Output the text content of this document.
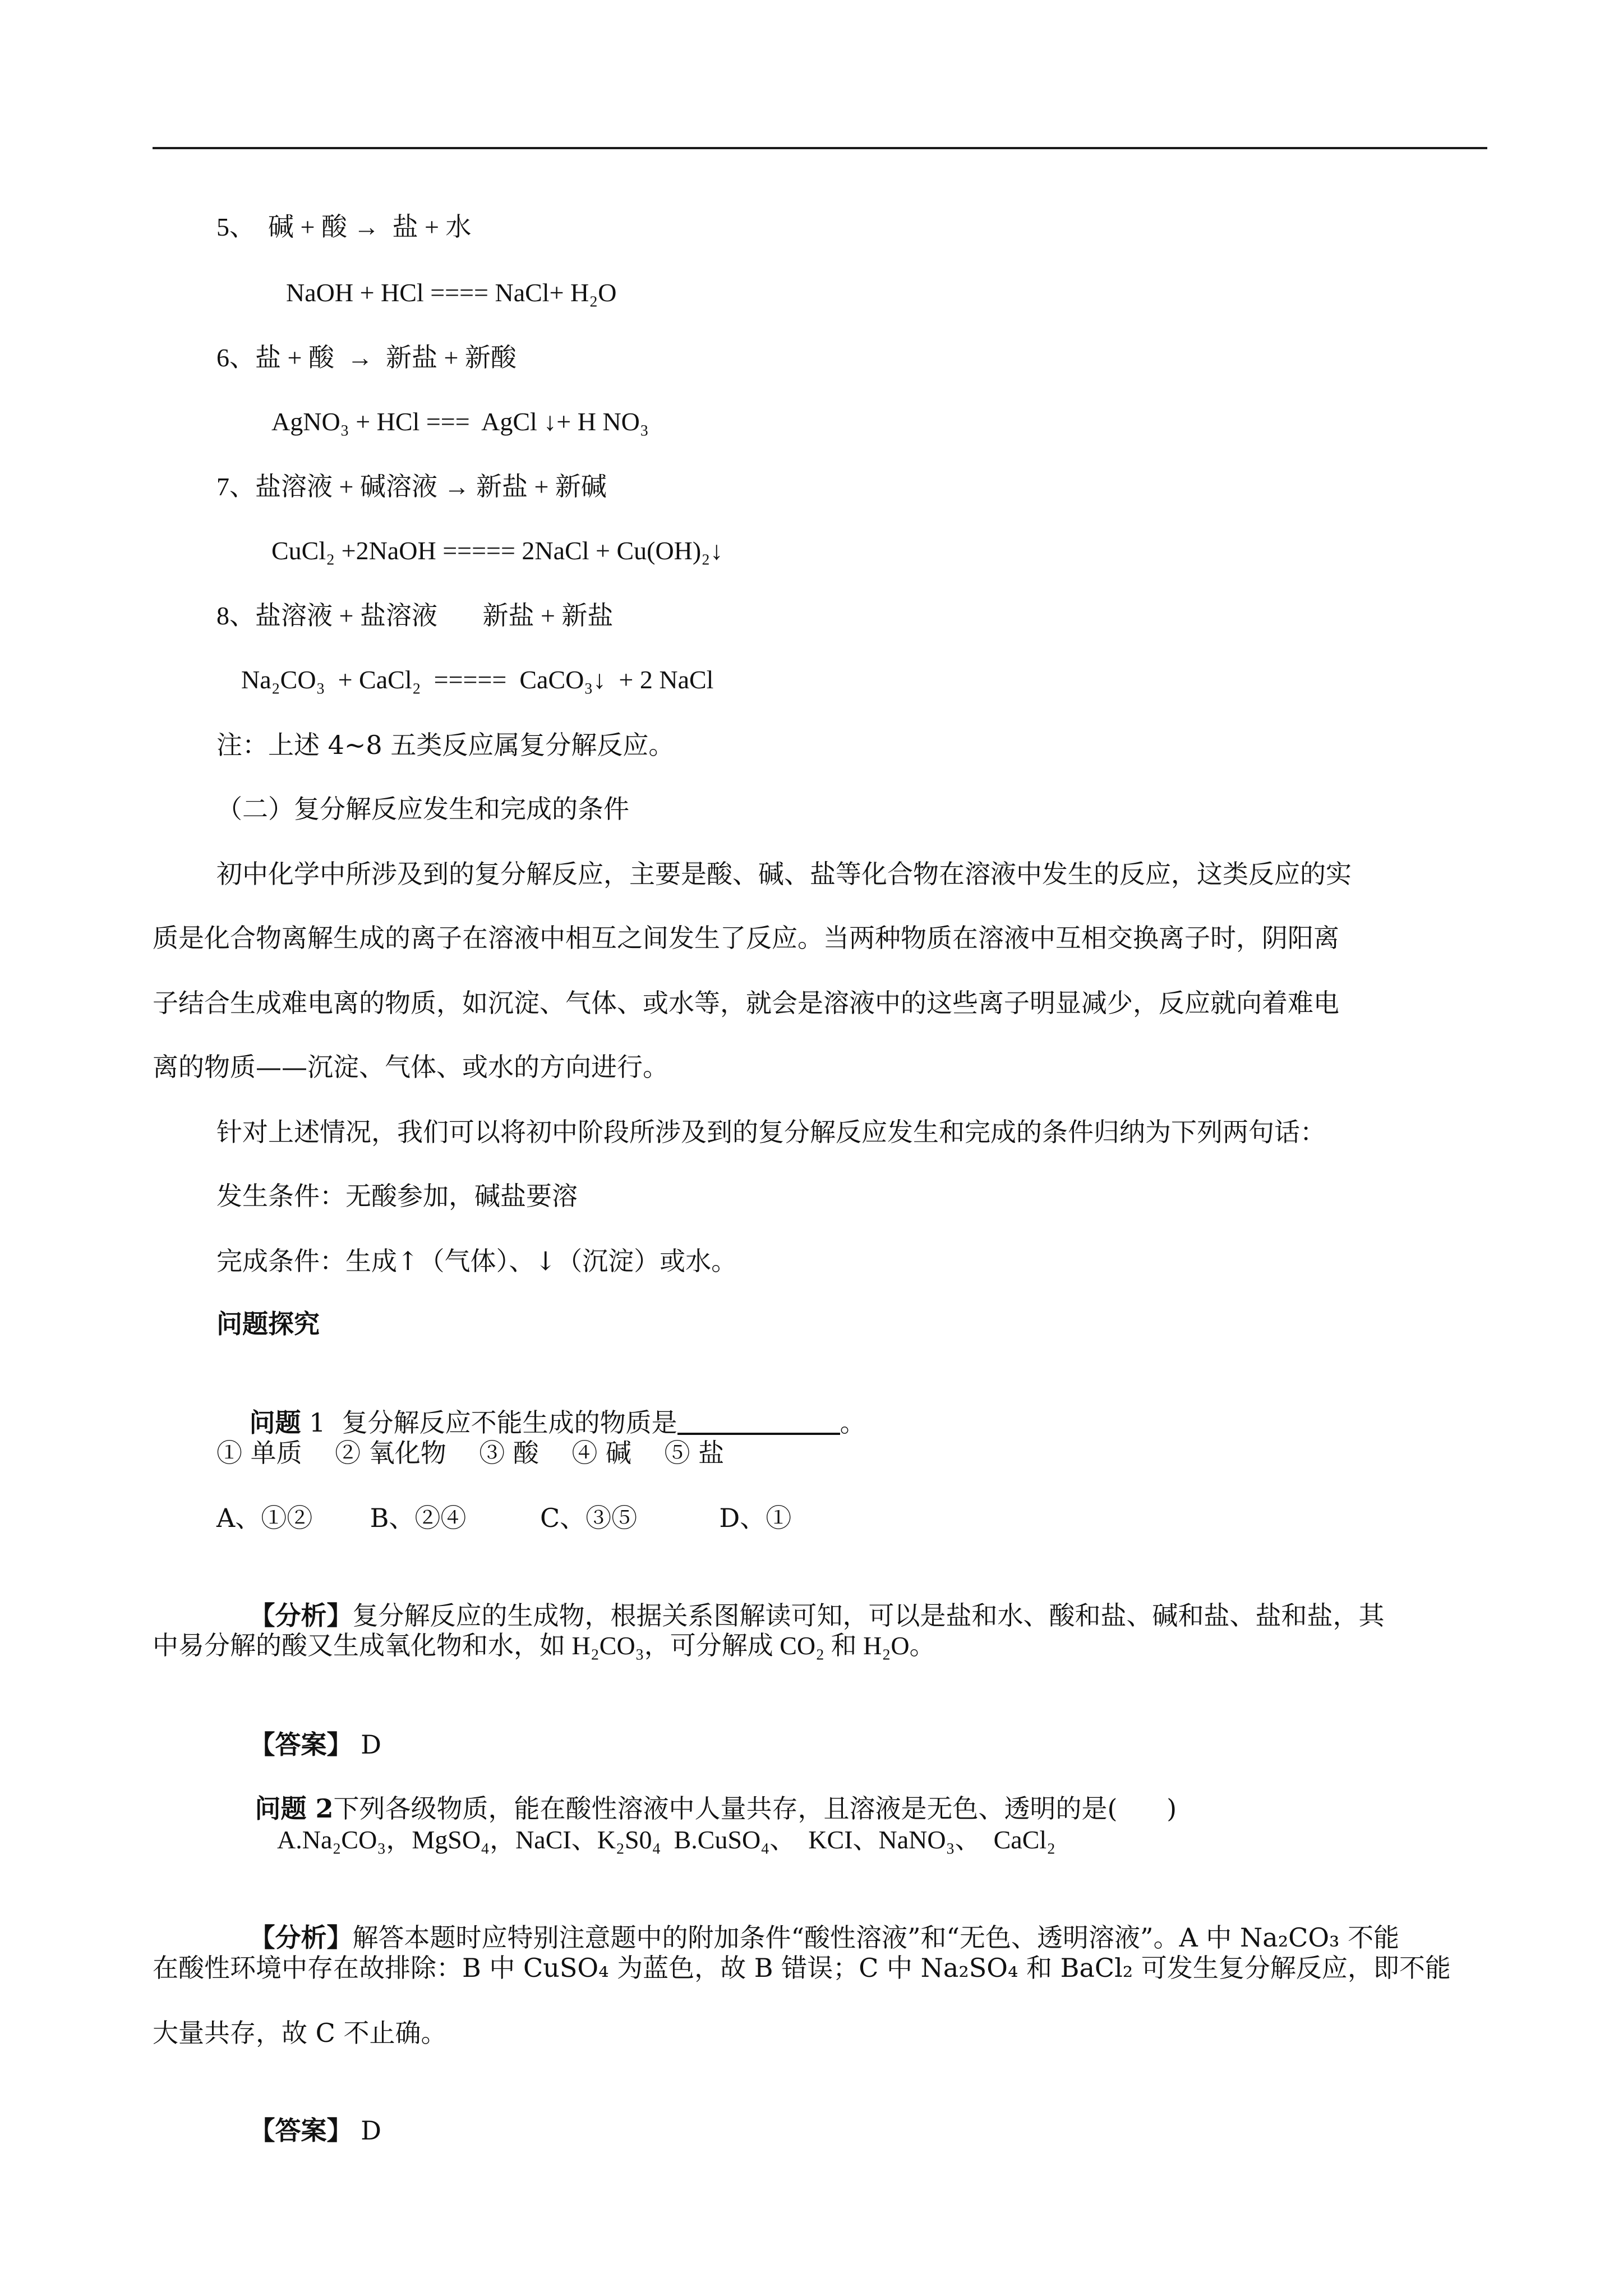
5、  碱 + 酸 →  盐 + 水
NaOH + HCl ==== NaCl+ H₂O
6、盐 + 酸  →  新盐 + 新酸
AgNO₃ + HCl ===  AgCl ↓+ H NO₃
7、盐溶液 + 碱溶液 → 新盐 + 新碱
CuCl₂ +2NaOH ===== 2NaCl + Cu(OH)₂↓
8、盐溶液 + 盐溶液       新盐 + 新盐
Na₂CO₃  + CaCl₂  =====  CaCO₃↓  + 2 NaCl
注：上述 4~8 五类反应属复分解反应。
（二）复分解反应发生和完成的条件
初中化学中所涉及到的复分解反应，主要是酸、碱、盐等化合物在溶液中发生的反应，这类反应的实
质是化合物离解生成的离子在溶液中相互之间发生了反应。当两种物质在溶液中互相交换离子时，阴阳离
子结合生成难电离的物质，如沉淀、气体、或水等，就会是溶液中的这些离子明显减少，反应就向着难电
离的物质——沉淀、气体、或水的方向进行。
针对上述情况，我们可以将初中阶段所涉及到的复分解反应发生和完成的条件归纳为下列两句话：
发生条件：无酸参加，碱盐要溶
完成条件：生成↑（气体）、↓（沉淀）或水。
问题探究

问题 1  复分解反应不能生成的物质是	。

① 单质    ② 氧化物    ③ 酸    ④ 碱    ⑤ 盐
A、①②       B、②④         C、③⑤          D、①

【分析】复分解反应的生成物，根据关系图解读可知，可以是盐和水、酸和盐、碱和盐、盐和盐，其

中易分解的酸又生成氧化物和水，如 H₂CO₃，可分解成 CO₂ 和 H₂O。

【答案】 D

问题 2下列各级物质，能在酸性溶液中人量共存，且溶液是无色、透明的是(      )

A.Na₂CO₃，MgSO₄，NaCI、K₂S0₄  B.CuSO₄、  KCI、NaNO₃、  CaCl₂

【分析】解答本题时应特别注意题中的附加条件“酸性溶液”和“无色、透明溶液”。A 中 Na₂CO₃ 不能

在酸性环境中存在故排除：B 中 CuSO₄ 为蓝色，故 B 错误；C 中 Na₂SO₄ 和 BaCl₂ 可发生复分解反应，即不能
大量共存，故 C 不止确。

【答案】 D
